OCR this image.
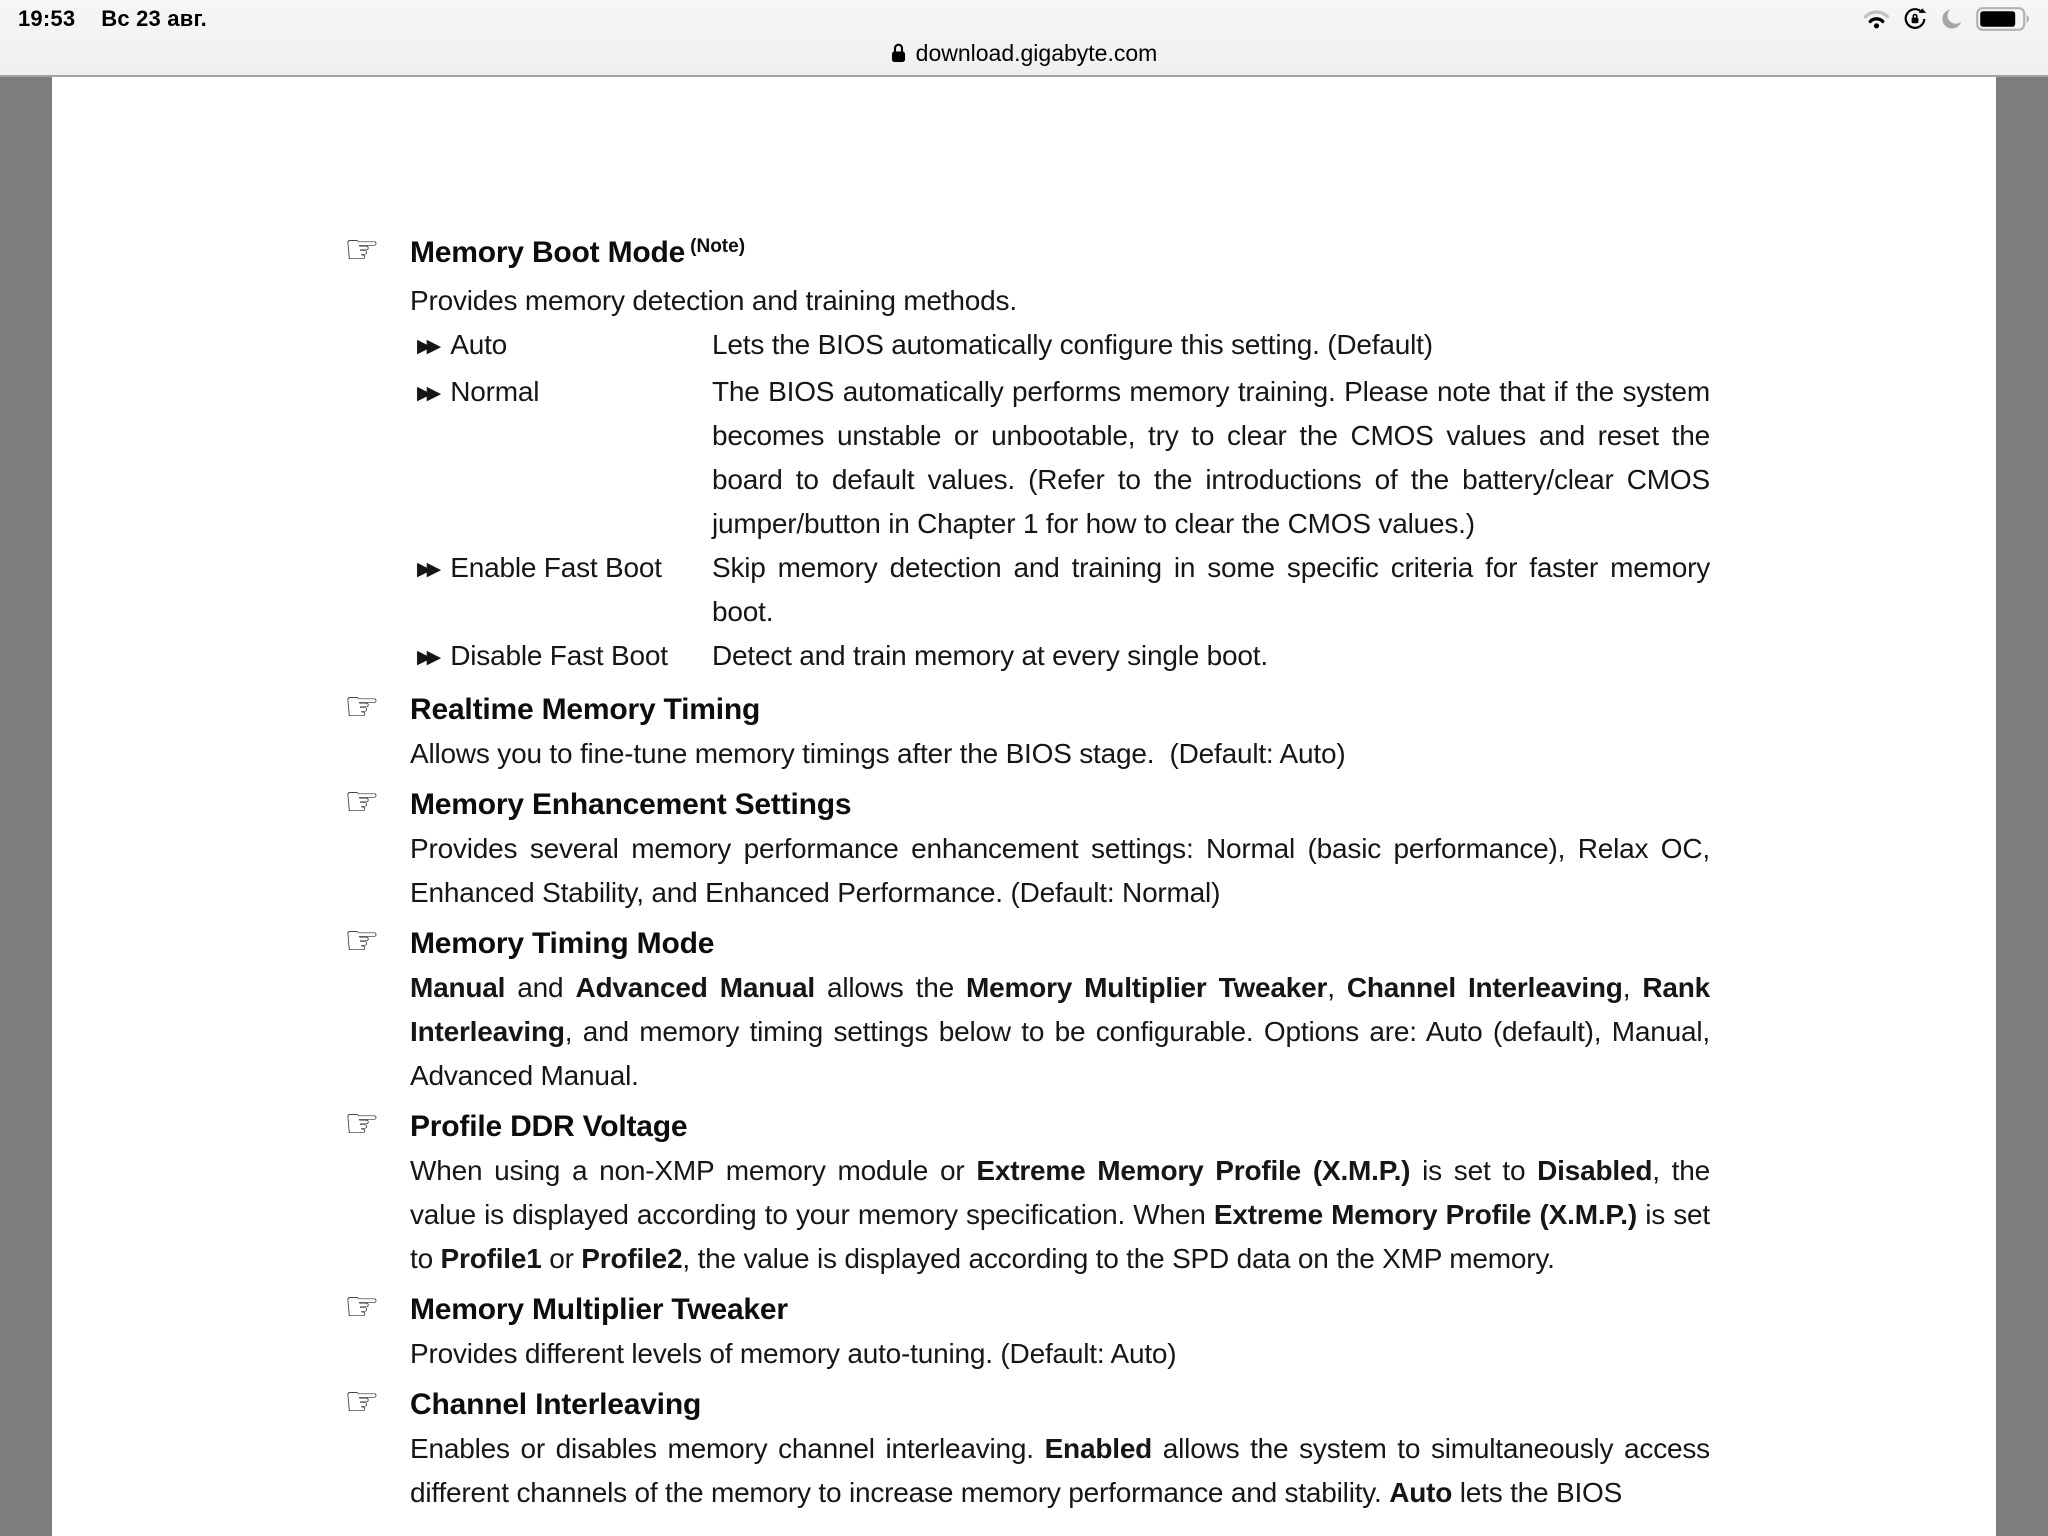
19:53 Вс 23 авг.
download.gigabyte.com
☞ Memory Boot Mode $^{(Note)}$

Provides memory detection and training methods.

▶▶ Auto	Lets the BIOS automatically configure this setting. (Default)
▶▶ Normal	The BIOS automatically performs memory training. Please note that if the system becomes unstable or unbootable, try to clear the CMOS values and reset the board to default values. (Refer to the introductions of the battery/clear CMOS jumper/button in Chapter 1 for how to clear the CMOS values.)
▶▶ Enable Fast Boot	Skip memory detection and training in some specific criteria for faster memory boot.
▶▶ Disable Fast Boot	Detect and train memory at every single boot.
☞ Realtime Memory Timing

Allows you to fine-tune memory timings after the BIOS stage.  (Default: Auto)

☞ Memory Enhancement Settings

Provides several memory performance enhancement settings: Normal (basic performance), Relax OC, Enhanced Stability, and Enhanced Performance. (Default: Normal)

☞ Memory Timing Mode

Manual and Advanced Manual allows the Memory Multiplier Tweaker, Channel Interleaving, Rank Interleaving, and memory timing settings below to be configurable. Options are: Auto (default), Manual, Advanced Manual.

☞ Profile DDR Voltage

When using a non-XMP memory module or Extreme Memory Profile (X.M.P.) is set to Disabled, the value is displayed according to your memory specification. When Extreme Memory Profile (X.M.P.) is set to Profile1 or Profile2, the value is displayed according to the SPD data on the XMP memory.

☞ Memory Multiplier Tweaker

Provides different levels of memory auto-tuning. (Default: Auto)

☞ Channel Interleaving

Enables or disables memory channel interleaving. Enabled allows the system to simultaneously access different channels of the memory to increase memory performance and stability. Auto lets the BIOS
